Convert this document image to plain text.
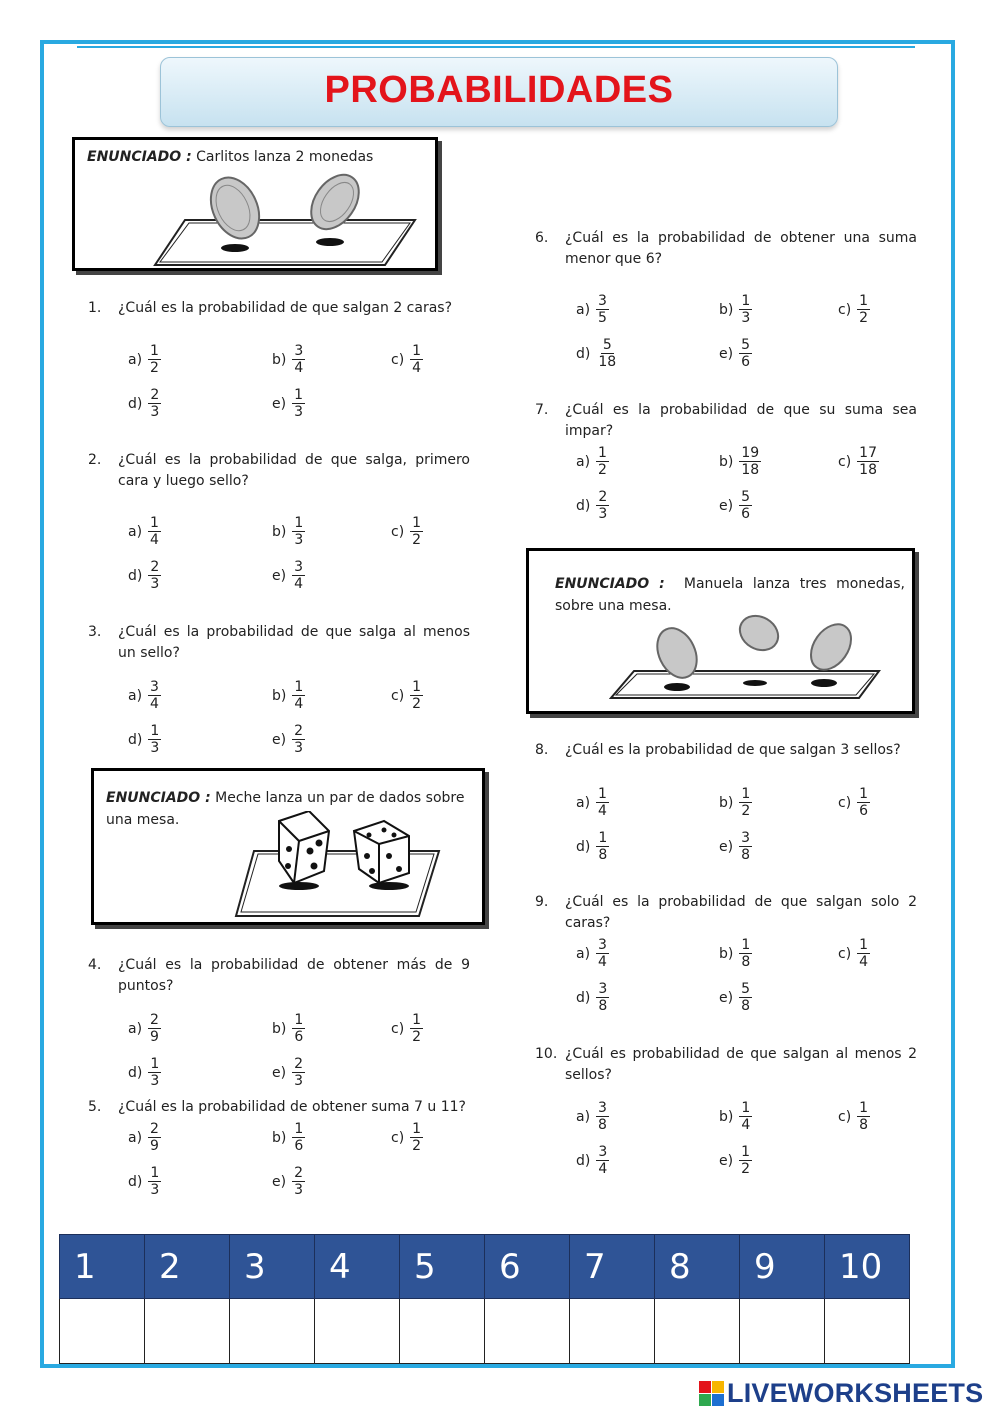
PROBABILIDADES
ENUNCIADO : Carlitos lanza 2 monedas
ENUNCIADO : Meche lanza un par de dados sobre una mesa.
ENUNCIADO : Manuela lanza tres monedas, sobre una mesa.
1. ¿Cuál es la probabilidad de que salgan 2 caras?
$a) \frac{1}{2}$	$b) \frac{3}{4}$	$c) \frac{1}{4}$
$d) \frac{2}{3}$	$e) \frac{1}{3}$
2. ¿Cuál es la probabilidad de que salga, primero cara y luego sello?
$a) \frac{1}{4}$	$b) \frac{1}{3}$	$c) \frac{1}{2}$
$d) \frac{2}{3}$	$e) \frac{3}{4}$
3. ¿Cuál es la probabilidad de que salga al menos un sello?
$a) \frac{3}{4}$	$b) \frac{1}{4}$	$c) \frac{1}{2}$
$d) \frac{1}{3}$	$e) \frac{2}{3}$
4. ¿Cuál es la probabilidad de obtener más de 9 puntos?
$a) \frac{2}{9}$	$b) \frac{1}{6}$	$c) \frac{1}{2}$
$d) \frac{1}{3}$	$e) \frac{2}{3}$
5. ¿Cuál es la probabilidad de obtener suma 7 u 11?
$a) \frac{2}{9}$	$b) \frac{1}{6}$	$c) \frac{1}{2}$
$d) \frac{1}{3}$	$e) \frac{2}{3}$
6. ¿Cuál es la probabilidad de obtener una suma menor que 6?
$a) \frac{3}{5}$	$b) \frac{1}{3}$	$c) \frac{1}{2}$
$d) \frac{5}{18}$	$e) \frac{5}{6}$
7. ¿Cuál es la probabilidad de que su suma sea impar?
$a) \frac{1}{2}$	$b) \frac{19}{18}$	$c) \frac{17}{18}$
$d) \frac{2}{3}$	$e) \frac{5}{6}$
8. ¿Cuál es la probabilidad de que salgan 3 sellos?
$a) \frac{1}{4}$	$b) \frac{1}{2}$	$c) \frac{1}{6}$
$d) \frac{1}{8}$	$e) \frac{3}{8}$
9. ¿Cuál es la probabilidad de que salgan solo 2 caras?
$a) \frac{3}{4}$	$b) \frac{1}{8}$	$c) \frac{1}{4}$
$d) \frac{3}{8}$	$e) \frac{5}{8}$
10. ¿Cuál es probabilidad de que salgan al menos 2 sellos?
$a) \frac{3}{8}$	$b) \frac{1}{4}$	$c) \frac{1}{8}$
$d) \frac{3}{4}$	$e) \frac{1}{2}$
1	2	3	4	5	6	7	8	9	10

LIVEWORKSHEETS
